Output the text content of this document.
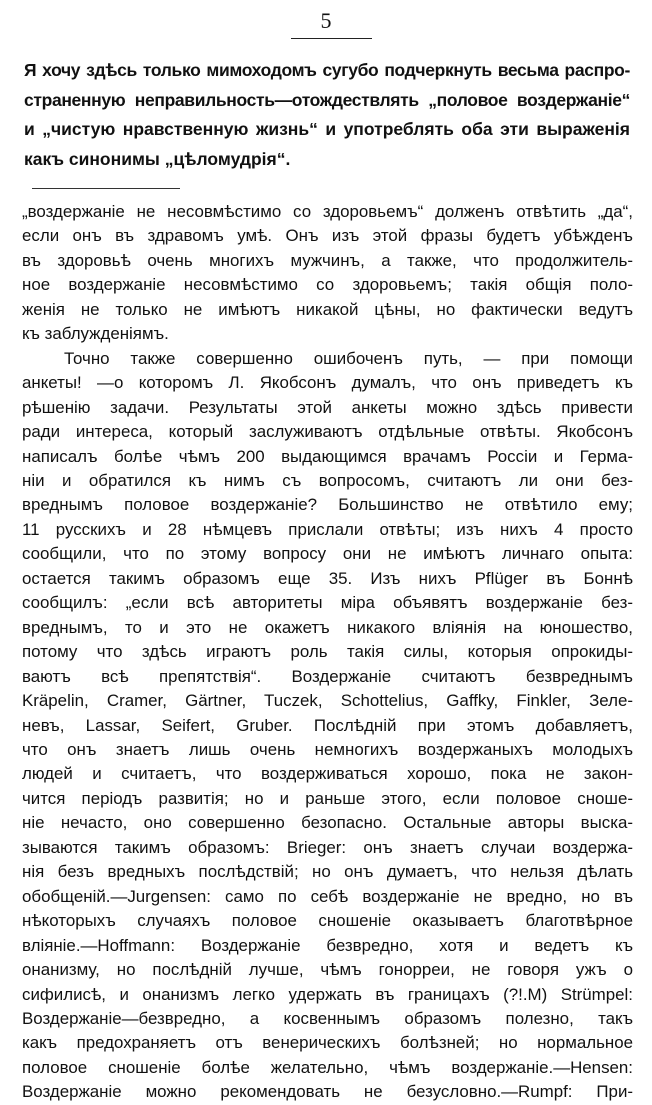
5
Я хочу здѣсь только мимоходомъ сугубо подчеркнуть весьма распро-
страненную неправильность—отождествлять „половое воздержаніе“
и „чистую нравственную жизнь“ и употреблять оба эти выраженія
какъ синонимы „цѣломудрія“.
„воздержаніе не несовмѣстимо со здоровьемъ“ долженъ отвѣтить „да“,
если онъ въ здравомъ умѣ. Онъ изъ этой фразы будетъ убѣжденъ
въ здоровьѣ очень многихъ мужчинъ, а также, что продолжитель-
ное воздержаніе несовмѣстимо со здоровьемъ; такія общія поло-
женія не только не имѣютъ никакой цѣны, но фактически ведутъ
къ заблужденіямъ.
Точно также совершенно ошибоченъ путь, — при помощи
анкеты! —о которомъ Л. Якобсонъ думалъ, что онъ приведетъ къ
рѣшенію задачи. Результаты этой анкеты можно здѣсь привести
ради интереса, который заслуживаютъ отдѣльные отвѣты. Якобсонъ
написалъ болѣе чѣмъ 200 выдающимся врачамъ Россіи и Герма-
ніи и обратился къ нимъ съ вопросомъ, считаютъ ли они без-
вреднымъ половое воздержаніе? Большинство не отвѣтило ему;
11 русскихъ и 28 нѣмцевъ прислали отвѣты; изъ нихъ 4 просто
сообщили, что по этому вопросу они не имѣютъ личнаго опыта:
остается такимъ образомъ еще 35. Изъ нихъ Pflüger въ Боннѣ
сообщилъ: „если всѣ авторитеты міра объявятъ воздержаніе без-
вреднымъ, то и это не окажетъ никакого вліянія на юношество,
потому что здѣсь играютъ роль такія силы, которыя опрокиды-
ваютъ всѣ препятствія“. Воздержаніе считаютъ безвреднымъ
Kräpelin, Cramer, Gärtner, Tuczek, Schottelius, Gaffky, Finkler, Зеле-
невъ, Lassar, Seifert, Gruber. Послѣдній при этомъ добавляетъ,
что онъ знаетъ лишь очень немногихъ воздержаныхъ молодыхъ
людей и считаетъ, что воздерживаться хорошо, пока не закон-
чится періодъ развитія; но и раньше этого, если половое сноше-
ніе нечасто, оно совершенно безопасно. Остальные авторы выска-
зываются такимъ образомъ: Brieger: онъ знаетъ случаи воздержа-
нія безъ вредныхъ послѣдствій; но онъ думаетъ, что нельзя дѣлать
обобщеній.—Jurgensen: само по себѣ воздержаніе не вредно, но въ
нѣкоторыхъ случаяхъ половое сношеніе оказываетъ благотвѣрное
вліяніе.—Hoffmann: Воздержаніе безвредно, хотя и ведетъ къ
онанизму, но послѣдній лучше, чѣмъ гонорреи, не говоря ужъ о
сифилисѣ, и онанизмъ легко удержать въ границахъ (?!.М) Strümpel:
Воздержаніе—безвредно, а косвеннымъ образомъ полезно, такъ
какъ предохраняетъ отъ венерическихъ болѣзней; но нормальное
половое сношеніе болѣе желательно, чѣмъ воздержаніе.—Hensen:
Воздержаніе можно рекомендовать не безусловно.—Rumpf: При-
